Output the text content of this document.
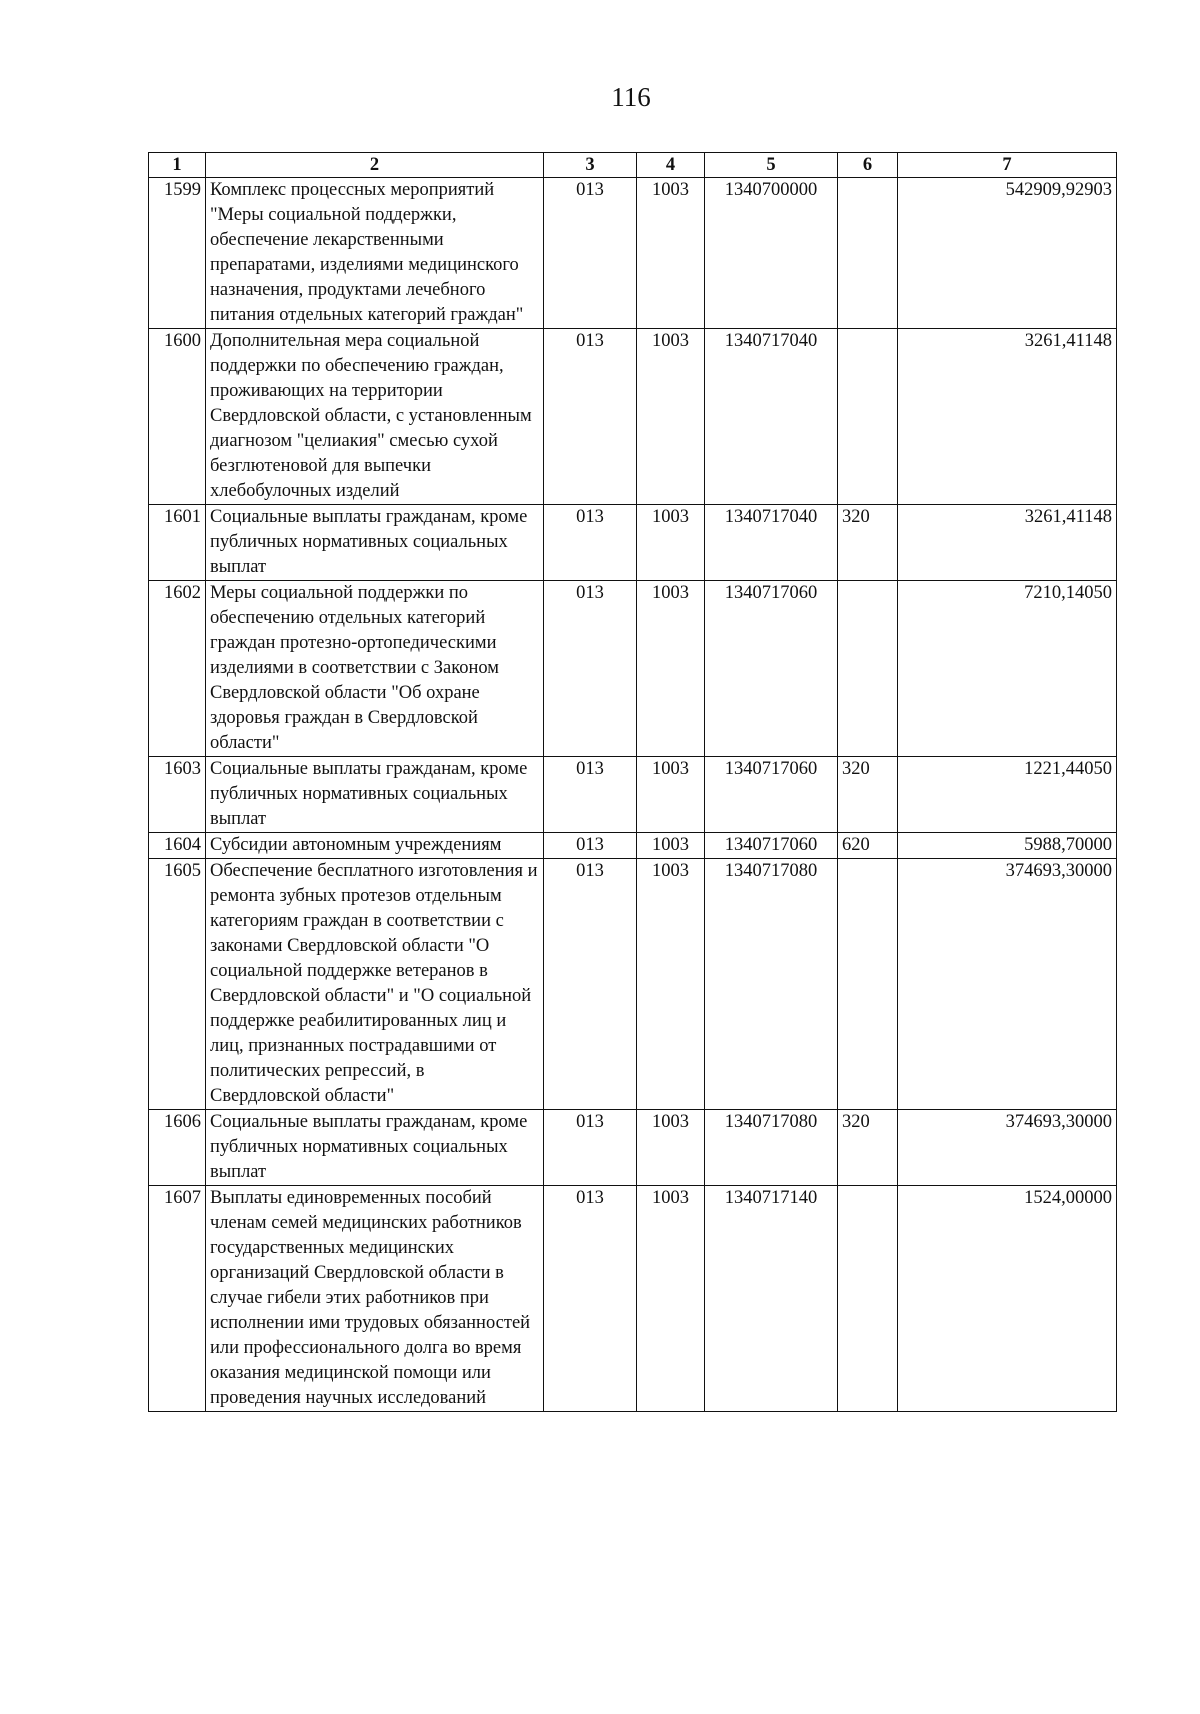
116
1	2	3	4	5	6	7
1599	Комплекс процессных мероприятий "Меры социальной поддержки, обеспечение лекарственными препаратами, изделиями медицинского назначения, продуктами лечебного питания отдельных категорий граждан"	013	1003	1340700000		542909,92903
1600	Дополнительная мера социальной поддержки по обеспечению граждан, проживающих на территории Свердловской области, с установленным диагнозом "целиакия" смесью сухой безглютеновой для выпечки хлебобулочных изделий	013	1003	1340717040		3261,41148
1601	Социальные выплаты гражданам, кроме публичных нормативных социальных выплат	013	1003	1340717040	320	3261,41148
1602	Меры социальной поддержки по обеспечению отдельных категорий граждан протезно-ортопедическими изделиями в соответствии с Законом Свердловской области "Об охране здоровья граждан в Свердловской области"	013	1003	1340717060		7210,14050
1603	Социальные выплаты гражданам, кроме публичных нормативных социальных выплат	013	1003	1340717060	320	1221,44050
1604	Субсидии автономным учреждениям	013	1003	1340717060	620	5988,70000
1605	Обеспечение бесплатного изготовления и ремонта зубных протезов отдельным категориям граждан в соответствии с законами Свердловской области "О социальной поддержке ветеранов в Свердловской области" и "О социальной поддержке реабилитированных лиц и лиц, признанных пострадавшими от политических репрессий, в Свердловской области"	013	1003	1340717080		374693,30000
1606	Социальные выплаты гражданам, кроме публичных нормативных социальных выплат	013	1003	1340717080	320	374693,30000
1607	Выплаты единовременных пособий членам семей медицинских работников государственных медицинских организаций Свердловской области в случае гибели этих работников при исполнении ими трудовых обязанностей или профессионального долга во время оказания медицинской помощи или проведения научных исследований	013	1003	1340717140		1524,00000
